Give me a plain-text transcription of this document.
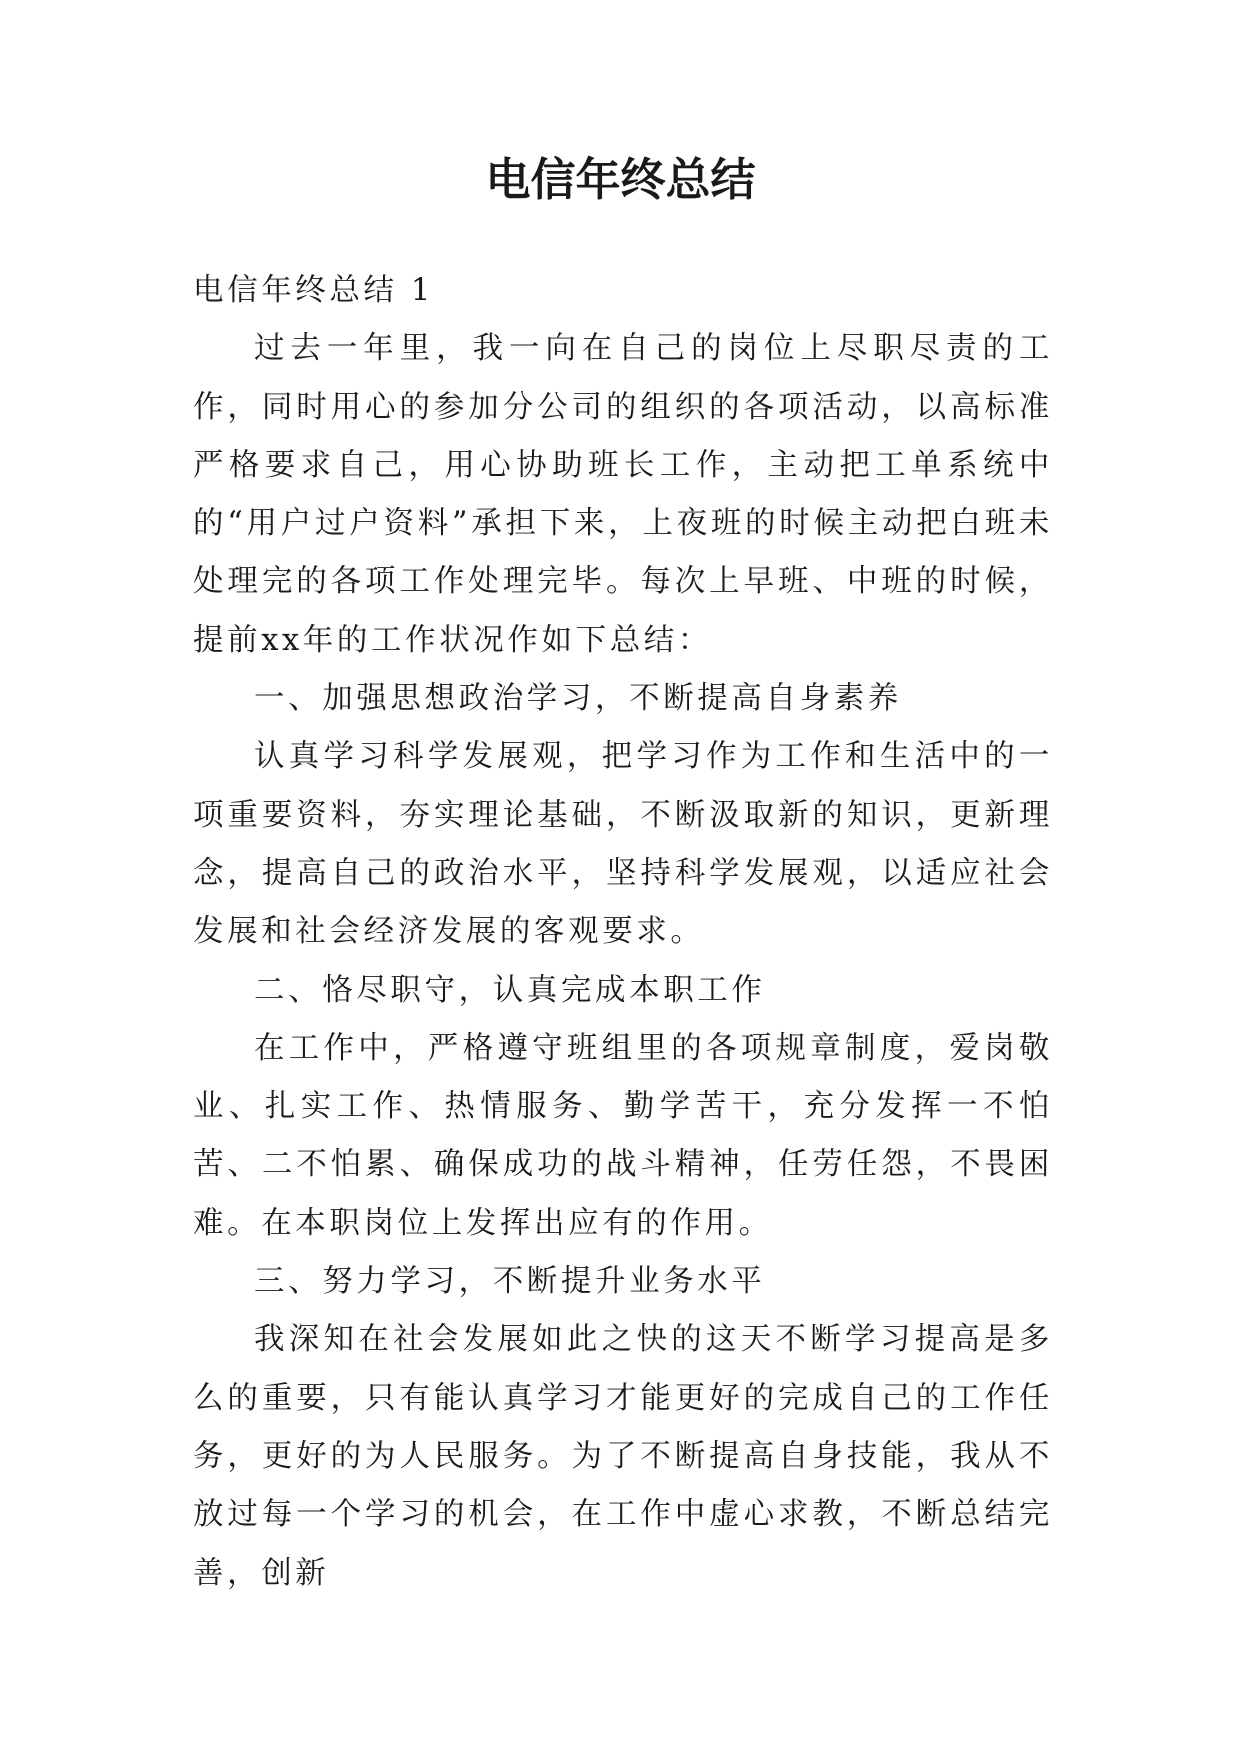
电信年终总结

电信年终总结 1

过去一年里，我一向在自己的岗位上尽职尽责的工作，同时用心的参加分公司的组织的各项活动，以高标准严格要求自己，用心协助班长工作，主动把工单系统中的“用户过户资料”承担下来，上夜班的时候主动把白班未处理完的各项工作处理完毕。每次上早班、中班的时候，提前xx年的工作状况作如下总结：

一、加强思想政治学习，不断提高自身素养

认真学习科学发展观，把学习作为工作和生活中的一项重要资料，夯实理论基础，不断汲取新的知识，更新理念，提高自己的政治水平，坚持科学发展观，以适应社会发展和社会经济发展的客观要求。

二、恪尽职守，认真完成本职工作

在工作中，严格遵守班组里的各项规章制度，爱岗敬业、扎实工作、热情服务、勤学苦干，充分发挥一不怕苦、二不怕累、确保成功的战斗精神，任劳任怨，不畏困难。在本职岗位上发挥出应有的作用。

三、努力学习，不断提升业务水平

我深知在社会发展如此之快的这天不断学习提高是多么的重要，只有能认真学习才能更好的完成自己的工作任务，更好的为人民服务。为了不断提高自身技能，我从不放过每一个学习的机会，在工作中虚心求教，不断总结完善，创新
